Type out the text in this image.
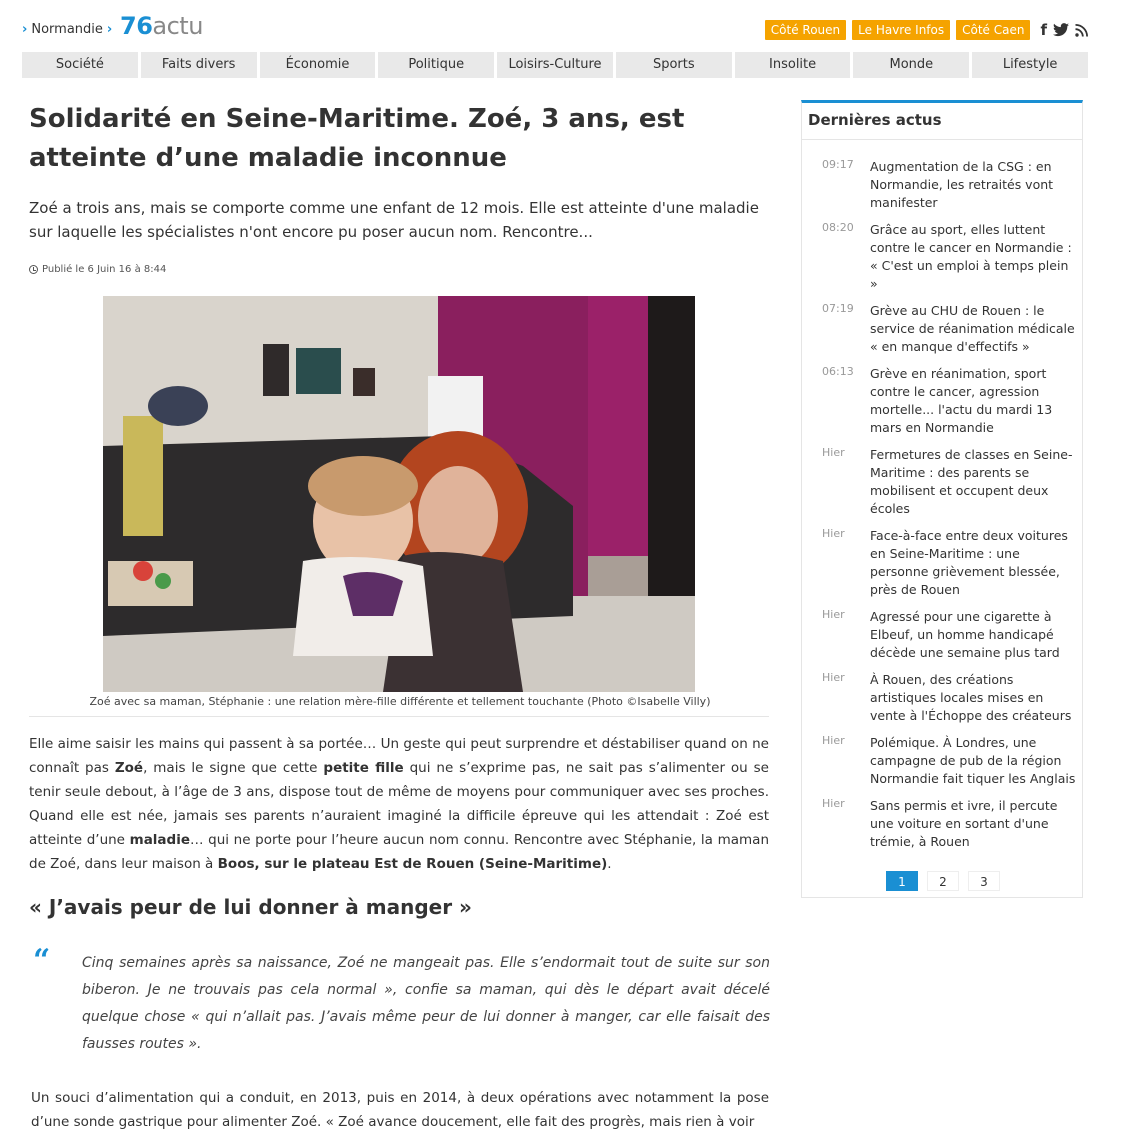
› Normandie › 76actu	Côté Rouen	Le Havre Infos	Côté Caen	f
Société	Faits divers	Économie	Politique	Loisirs-Culture	Sports	Insolite	Monde	Lifestyle
Solidarité en Seine-Maritime. Zoé, 3 ans, est atteinte d’une maladie inconnue

Zoé a trois ans, mais se comporte comme une enfant de 12 mois. Elle est atteinte d'une maladie sur laquelle les spécialistes n'ont encore pu poser aucun nom. Rencontre...

Publié le 6 Juin 16 à 8:44
Zoé avec sa maman, Stéphanie : une relation mère-fille différente et tellement touchante (Photo ©Isabelle Villy)

Elle aime saisir les mains qui passent à sa portée… Un geste qui peut surprendre et déstabiliser quand on ne connaît pas Zoé, mais le signe que cette petite fille qui ne s’exprime pas, ne sait pas s’alimenter ou se tenir seule debout, à l’âge de 3 ans, dispose tout de même de moyens pour communiquer avec ses proches. Quand elle est née, jamais ses parents n’auraient imaginé la difficile épreuve qui les attendait : Zoé est atteinte d’une maladie… qui ne porte pour l’heure aucun nom connu. Rencontre avec Stéphanie, la maman de Zoé, dans leur maison à Boos, sur le plateau Est de Rouen (Seine-Maritime).

« J’avais peur de lui donner à manger »
“ Cinq semaines après sa naissance, Zoé ne mangeait pas. Elle s’endormait tout de suite sur son biberon. Je ne trouvais pas cela normal », confie sa maman, qui dès le départ avait décelé quelque chose « qui n’allait pas. J’avais même peur de lui donner à manger, car elle faisait des fausses routes ».

Un souci d’alimentation qui a conduit, en 2013, puis en 2014, à deux opérations avec notamment la pose d’une sonde gastrique pour alimenter Zoé. « Zoé avance doucement, elle fait des progrès, mais rien à voir

Dernières actus
09:17 Augmentation de la CSG : en Normandie, les retraités vont manifester
08:20 Grâce au sport, elles luttent contre le cancer en Normandie : « C'est un emploi à temps plein »
07:19 Grève au CHU de Rouen : le service de réanimation médicale « en manque d'effectifs »
06:13 Grève en réanimation, sport contre le cancer, agression mortelle... l'actu du mardi 13 mars en Normandie
Hier Fermetures de classes en Seine-Maritime : des parents se mobilisent et occupent deux écoles
Hier Face-à-face entre deux voitures en Seine-Maritime : une personne grièvement blessée, près de Rouen
Hier Agressé pour une cigarette à Elbeuf, un homme handicapé décède une semaine plus tard
Hier À Rouen, des créations artistiques locales mises en vente à l'Échoppe des créateurs
Hier Polémique. À Londres, une campagne de pub de la région Normandie fait tiquer les Anglais
Hier Sans permis et ivre, il percute une voiture en sortant d'une trémie, à Rouen
1	2	3
